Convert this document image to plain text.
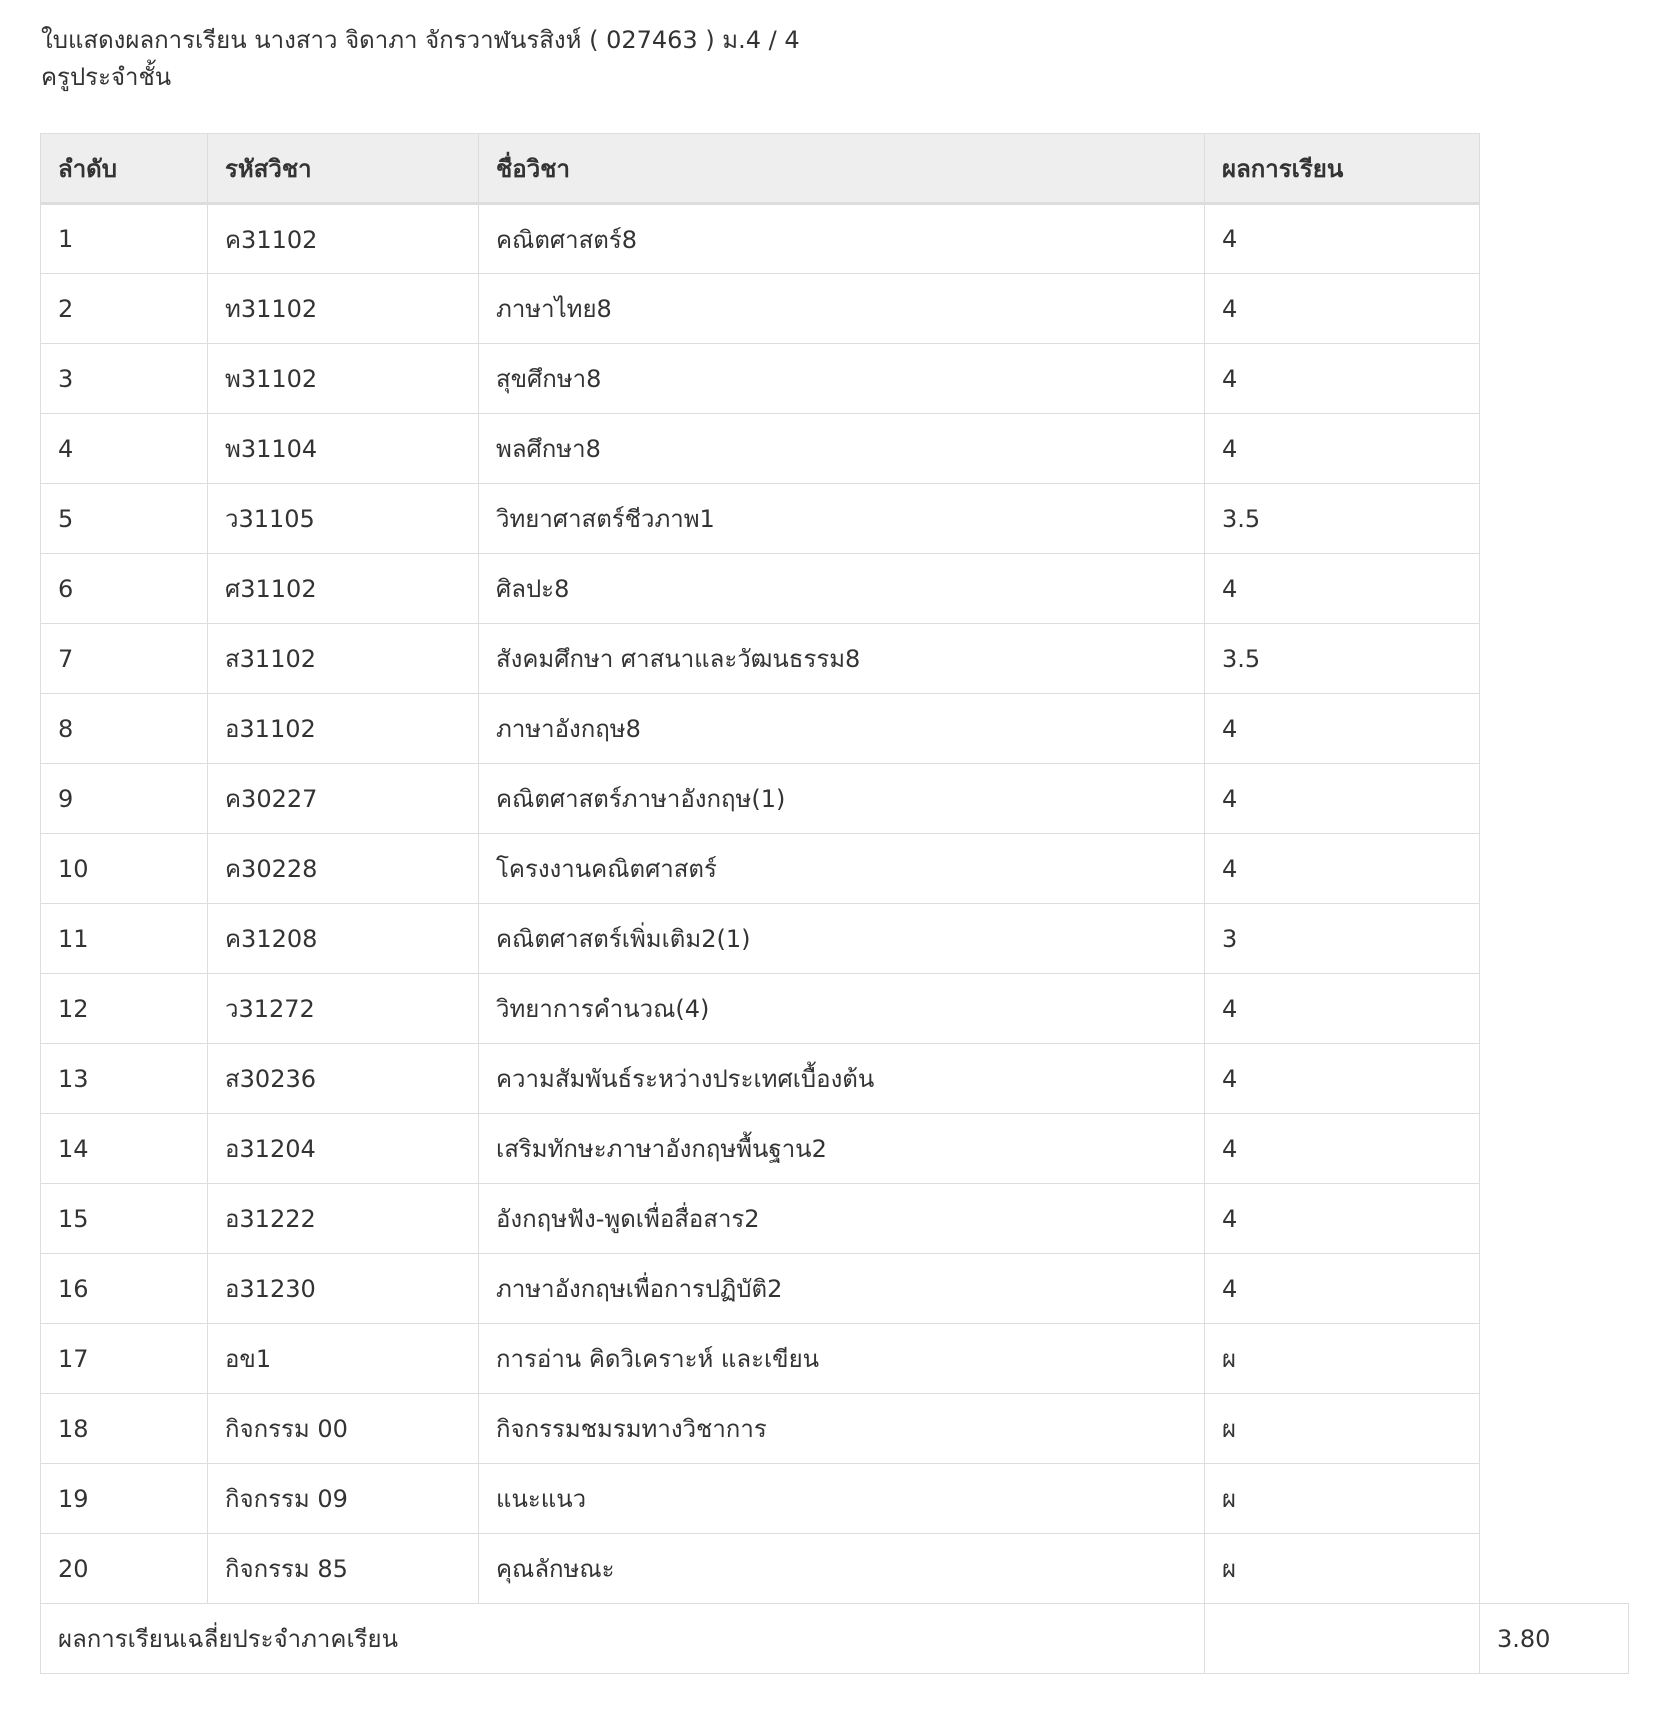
ใบแสดงผลการเรียน นางสาว จิดาภา จักรวาฬนรสิงห์ ( 027463 ) ม.4 / 4
ครูประจำชั้น
ลำดับ	รหัสวิชา	ชื่อวิชา	ผลการเรียน	
1	ค31102	คณิตศาสตร์8	4	
2	ท31102	ภาษาไทย8	4	
3	พ31102	สุขศึกษา8	4	
4	พ31104	พลศึกษา8	4	
5	ว31105	วิทยาศาสตร์ชีวภาพ1	3.5	
6	ศ31102	ศิลปะ8	4	
7	ส31102	สังคมศึกษา ศาสนาและวัฒนธรรม8	3.5	
8	อ31102	ภาษาอังกฤษ8	4	
9	ค30227	คณิตศาสตร์ภาษาอังกฤษ(1)	4	
10	ค30228	โครงงานคณิตศาสตร์	4	
11	ค31208	คณิตศาสตร์เพิ่มเติม2(1)	3	
12	ว31272	วิทยาการคำนวณ(4)	4	
13	ส30236	ความสัมพันธ์ระหว่างประเทศเบื้องต้น	4	
14	อ31204	เสริมทักษะภาษาอังกฤษพื้นฐาน2	4	
15	อ31222	อังกฤษฟัง-พูดเพื่อสื่อสาร2	4	
16	อ31230	ภาษาอังกฤษเพื่อการปฏิบัติ2	4	
17	อข1	การอ่าน คิดวิเคราะห์ และเขียน	ผ	
18	กิจกรรม 00	กิจกรรมชมรมทางวิชาการ	ผ	
19	กิจกรรม 09	แนะแนว	ผ	
20	กิจกรรม 85	คุณลักษณะ	ผ	
ผลการเรียนเฉลี่ยประจำภาคเรียน				3.80
